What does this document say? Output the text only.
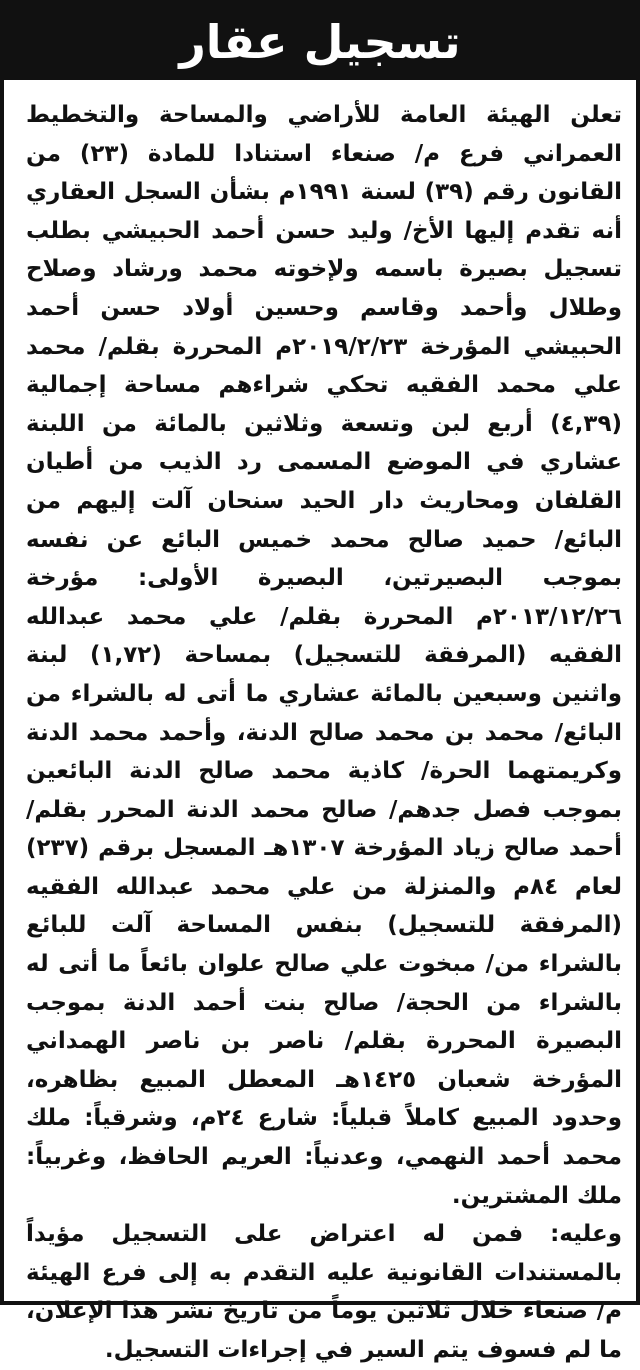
تسجيل عقار

تعلن الهيئة العامة للأراضي والمساحة والتخطيط العمراني فرع م/ صنعاء استنادا للمادة (٢٣) من القانون رقم (٣٩) لسنة ١٩٩١م بشأن السجل العقاري أنه تقدم إليها الأخ/ وليد حسن أحمد الحبيشي بطلب تسجيل بصيرة باسمه ولإخوته محمد ورشاد وصلاح وطلال وأحمد وقاسم وحسين أولاد حسن أحمد الحبيشي المؤرخة ٢٠١٩/٢/٢٣م المحررة بقلم/ محمد علي محمد الفقيه تحكي شراءهم مساحة إجمالية (٤,٣٩) أربع لبن وتسعة وثلاثين بالمائة من اللبنة عشاري في الموضع المسمى رد الذيب من أطيان القلفان ومحاريث دار الحيد سنحان آلت إليهم من البائع/ حميد صالح محمد خميس البائع عن نفسه بموجب البصيرتين، البصيرة الأولى: مؤرخة ٢٠١٣/١٢/٢٦م المحررة بقلم/ علي محمد عبدالله الفقيه (المرفقة للتسجيل) بمساحة (١,٧٢) لبنة واثنين وسبعين بالمائة عشاري ما أتى له بالشراء من البائع/ محمد بن محمد صالح الدنة، وأحمد محمد الدنة وكريمتهما الحرة/ كاذية محمد صالح الدنة البائعين بموجب فصل جدهم/ صالح محمد الدنة المحرر بقلم/ أحمد صالح زياد المؤرخة ١٣٠٧هـ المسجل برقم (٢٣٧) لعام ٨٤م والمنزلة من علي محمد عبدالله الفقيه (المرفقة للتسجيل) بنفس المساحة آلت للبائع بالشراء من/ مبخوت علي صالح علوان بائعاً ما أتى له بالشراء من الحجة/ صالح بنت أحمد الدنة بموجب البصيرة المحررة بقلم/ ناصر بن ناصر الهمداني المؤرخة شعبان ١٤٢٥هـ المعطل المبيع بظاهره، وحدود المبيع كاملاً قبلياً: شارع ٢٤م، وشرقياً: ملك محمد أحمد النهمي، وعدنياً: العريم الحافظ، وغربياً: ملك المشترين.

وعليه: فمن له اعتراض على التسجيل مؤيداً بالمستندات القانونية عليه التقدم به إلى فرع الهيئة م/ صنعاء خلال ثلاثين يوماً من تاريخ نشر هذا الإعلان، ما لم فسوف يتم السير في إجراءات التسجيل.
